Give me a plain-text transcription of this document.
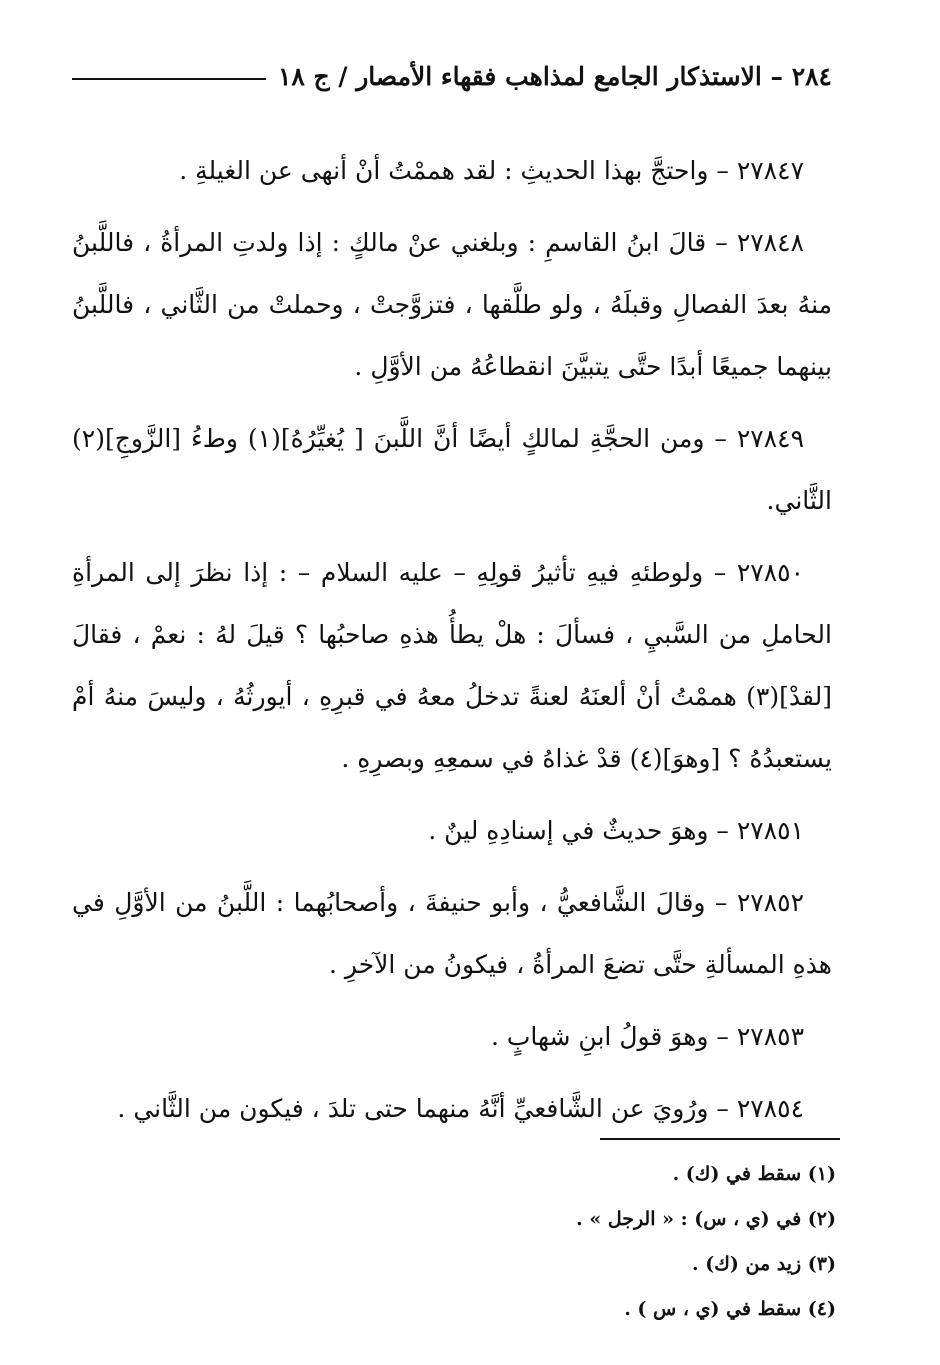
٢٨٤ – الاستذكار الجامع لمذاهب فقهاء الأمصار / ج ١٨

٢٧٨٤٧ – واحتجَّ بهذا الحديثِ : لقد هممْتُ أنْ أنهى عن الغيلةِ .

٢٧٨٤٨ – قالَ ابنُ القاسمِ : وبلغني عنْ مالكٍ : إذا ولدتِ المرأةُ ، فاللَّبنُ منهُ بعدَ الفصالِ وقبلَهُ ، ولو طلَّقها ، فتزوَّجتْ ، وحملتْ من الثَّاني ، فاللَّبنُ بينهما جميعًا أبدًا حتَّى يتبيَّنَ انقطاعُهُ من الأوَّلِ .

٢٧٨٤٩ – ومن الحجَّةِ لمالكٍ أيضًا أنَّ اللَّبنَ [ يُغيِّرُهُ](١) وطءُ [الزَّوجِ](٢) الثَّاني.

٢٧٨٥٠ – ولوطئهِ فيهِ تأثيرُ قولِهِ – عليه السلام – : إذا نظرَ إلى المرأةِ الحاملِ من السَّبيِ ، فسألَ : هلْ يطأُ هذهِ صاحبُها ؟ قيلَ لهُ : نعمْ ، فقالَ [لقدْ](٣) هممْتُ أنْ ألعنَهُ لعنةً تدخلُ معهُ في قبرِهِ ، أيورثُهُ ، وليسَ منهُ أمْ يستعبدُهُ ؟ [وهوَ](٤) قدْ غذاهُ في سمعِهِ وبصرِهِ .

٢٧٨٥١ – وهوَ حديثٌ في إسنادِهِ لينٌ .

٢٧٨٥٢ – وقالَ الشَّافعيُّ ، وأبو حنيفةَ ، وأصحابُهما : اللَّبنُ من الأوَّلِ في هذهِ المسألةِ حتَّى تضعَ المرأةُ ، فيكونُ من الآخرِ .

٢٧٨٥٣ – وهوَ قولُ ابنِ شهابٍ .

٢٧٨٥٤ – ورُويَ عن الشَّافعيِّ أنَّهُ منهما حتى تلدَ ، فيكون من الثَّاني .

(١) سقط في (ك) .

(٢) في (ي ، س) : « الرجل » .

(٣) زيد من (ك) .

(٤) سقط في (ي ، س ) .
